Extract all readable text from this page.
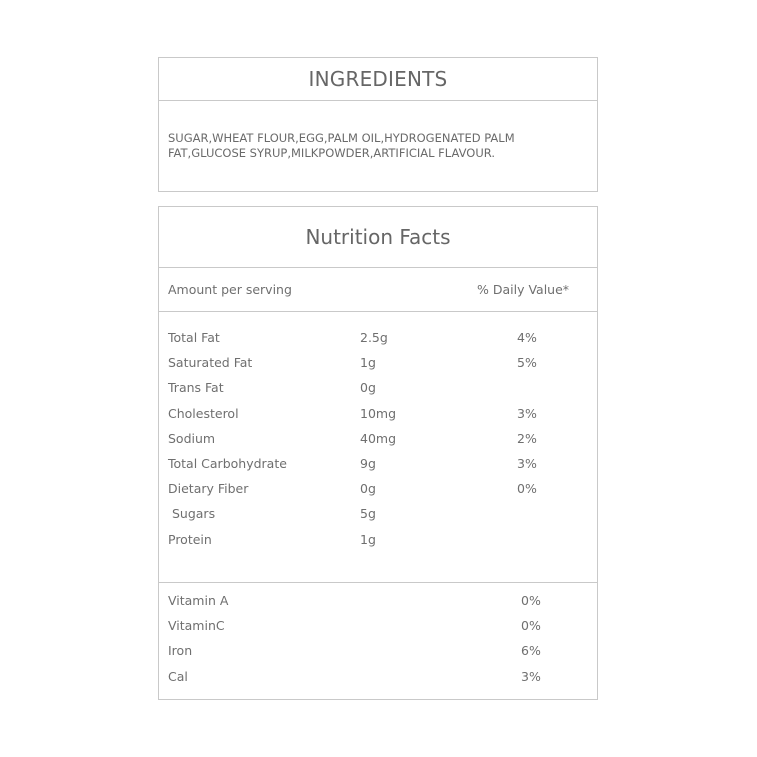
INGREDIENTS
SUGAR,WHEAT FLOUR,EGG,PALM OIL,HYDROGENATED PALM FAT,GLUCOSE SYRUP,MILKPOWDER,ARTIFICIAL FLAVOUR.
Nutrition Facts
Amount per serving	% Daily Value*
Total Fat	2.5g	4%
Saturated Fat	1g	5%
Trans Fat	0g
Cholesterol	10mg	3%
Sodium	40mg	2%
Total Carbohydrate	9g	3%
Dietary Fiber	0g	0%
Sugars	5g
Protein	1g
Vitamin A	0%
VitaminC	0%
Iron	6%
Cal	3%
